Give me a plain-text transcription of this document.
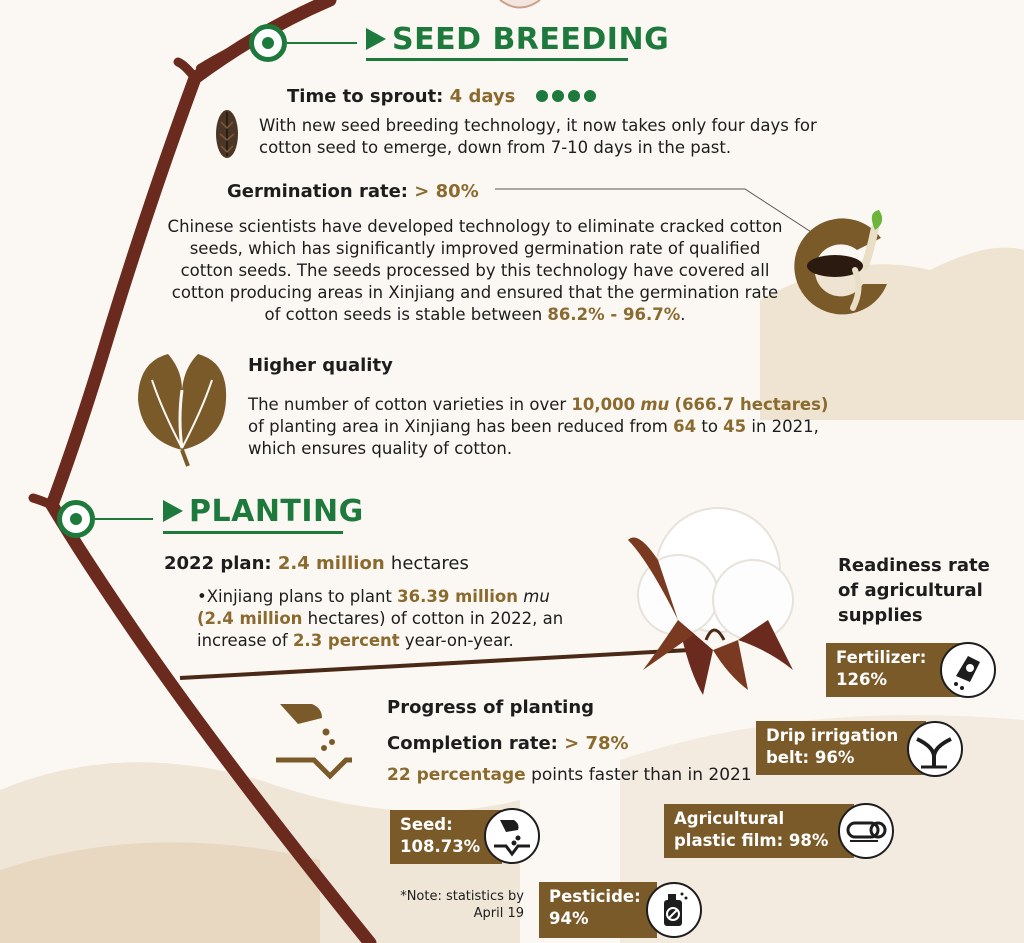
SEED BREEDING
Time to sprout: 4 days
With new seed breeding technology, it now takes only four days for cotton seed to emerge, down from 7-10 days in the past.
Germination rate: > 80%
Chinese scientists have developed technology to eliminate cracked cotton seeds, which has significantly improved germination rate of qualified cotton seeds. The seeds processed by this technology have covered all cotton producing areas in Xinjiang and ensured that the germination rate of cotton seeds is stable between 86.2% - 96.7%.
Higher quality
The number of cotton varieties in over 10,000 mu (666.7 hectares) of planting area in Xinjiang has been reduced from 64 to 45 in 2021, which ensures quality of cotton.
PLANTING
2022 plan: 2.4 million hectares
•Xinjiang plans to plant 36.39 million mu (2.4 million hectares) of cotton in 2022, an increase of 2.3 percent year-on-year.
Progress of planting
Completion rate: > 78%
22 percentage points faster than in 2021
*Note: statistics by April 19
Readiness rate of agricultural supplies
Fertilizer:
126%
Drip irrigation belt: 96%
Seed:
108.73%
Agricultural plastic film: 98%
Pesticide:
94%
